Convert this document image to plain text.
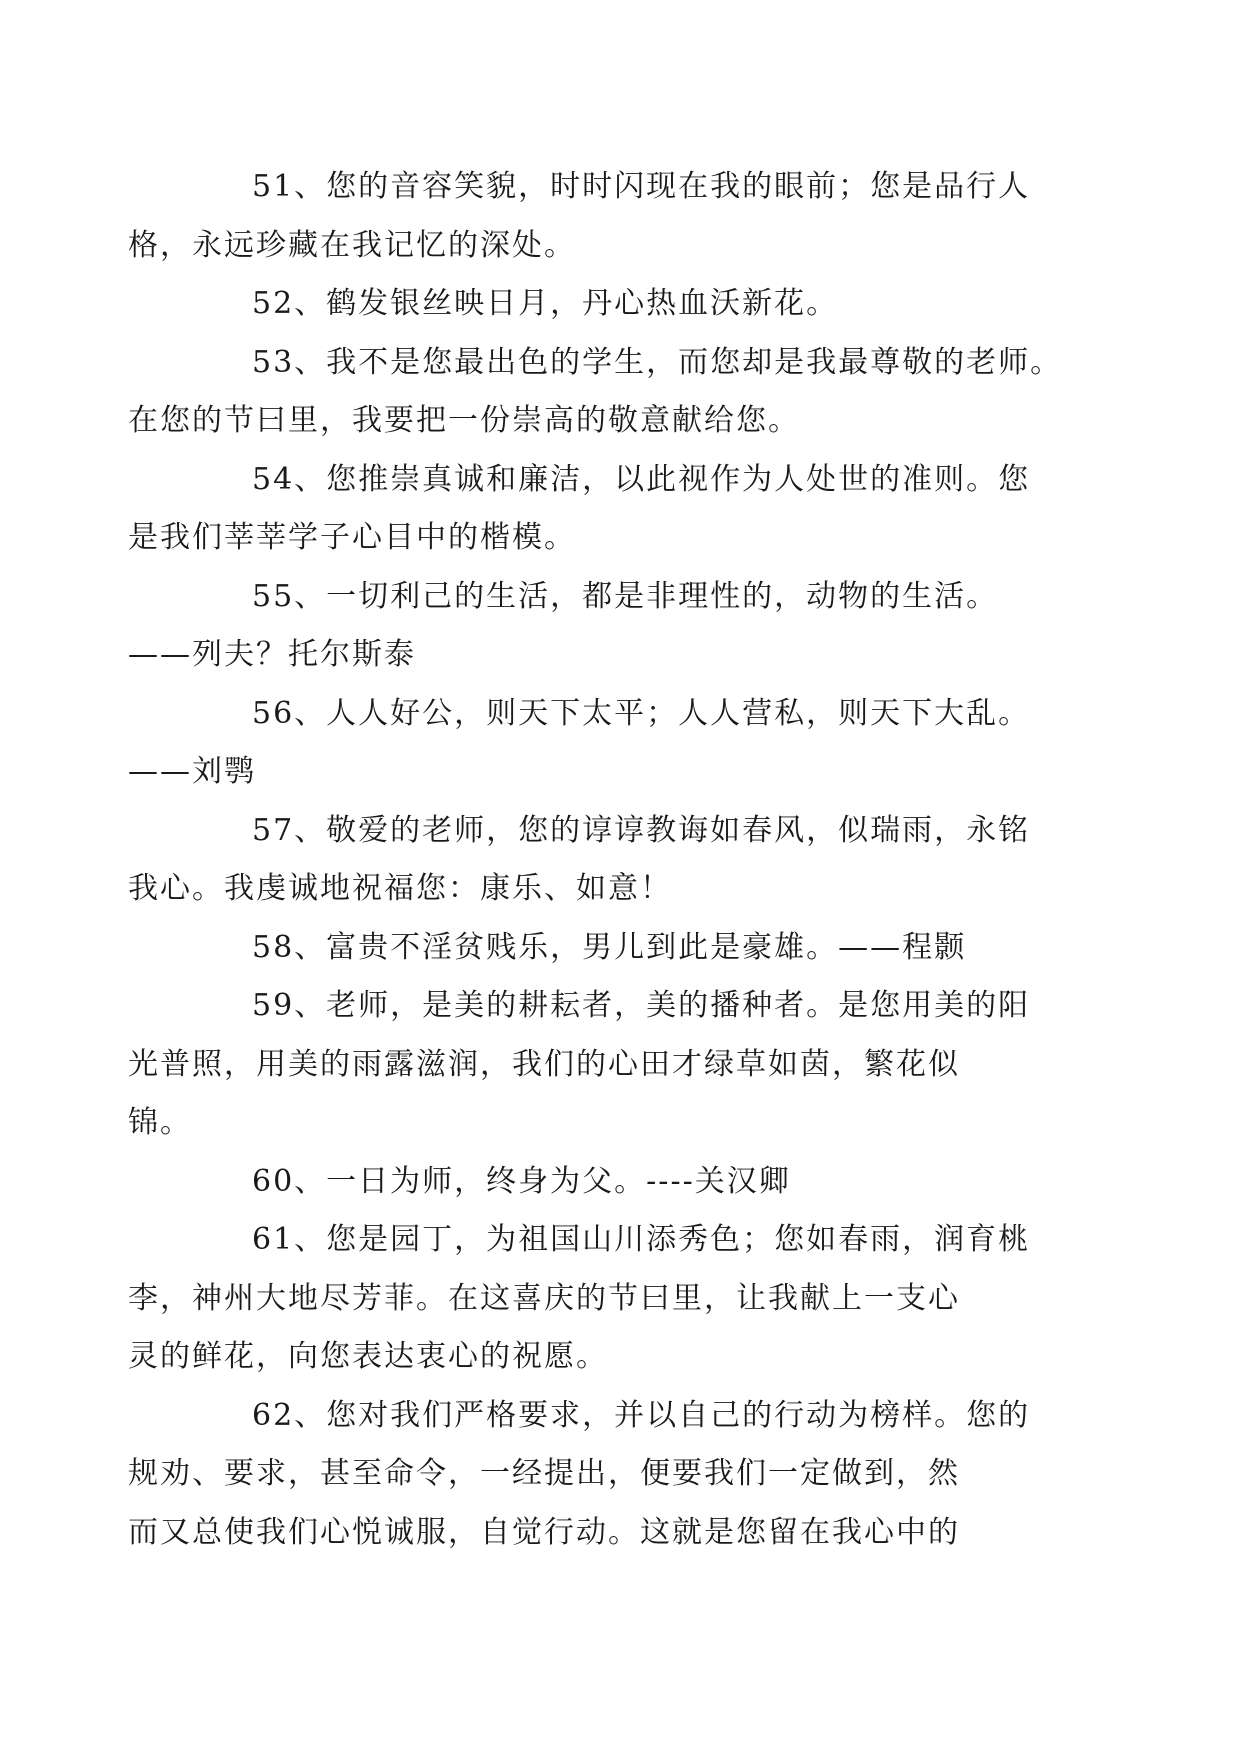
51、您的音容笑貌，时时闪现在我的眼前；您是品行人
格，永远珍藏在我记忆的深处。

52、鹤发银丝映日月，丹心热血沃新花。

53、我不是您最出色的学生，而您却是我最尊敬的老师。
在您的节曰里，我要把一份崇高的敬意献给您。

54、您推崇真诚和廉洁，以此视作为人处世的准则。您
是我们莘莘学子心目中的楷模。

55、一切利己的生活，都是非理性的，动物的生活。
——列夫？托尔斯泰

56、人人好公，则天下太平；人人营私，则天下大乱。
——刘鹗

57、敬爱的老师，您的谆谆教诲如春风，似瑞雨，永铭
我心。我虔诚地祝福您：康乐、如意！

58、富贵不淫贫贱乐，男儿到此是豪雄。——程颢

59、老师，是美的耕耘者，美的播种者。是您用美的阳
光普照，用美的雨露滋润，我们的心田才绿草如茵，繁花似
锦。

60、一日为师，终身为父。----关汉卿

61、您是园丁，为祖国山川添秀色；您如春雨，润育桃
李，神州大地尽芳菲。在这喜庆的节曰里，让我献上一支心
灵的鲜花，向您表达衷心的祝愿。

62、您对我们严格要求，并以自己的行动为榜样。您的
规劝、要求，甚至命令，一经提出，便要我们一定做到，然
而又总使我们心悦诚服，自觉行动。这就是您留在我心中的
